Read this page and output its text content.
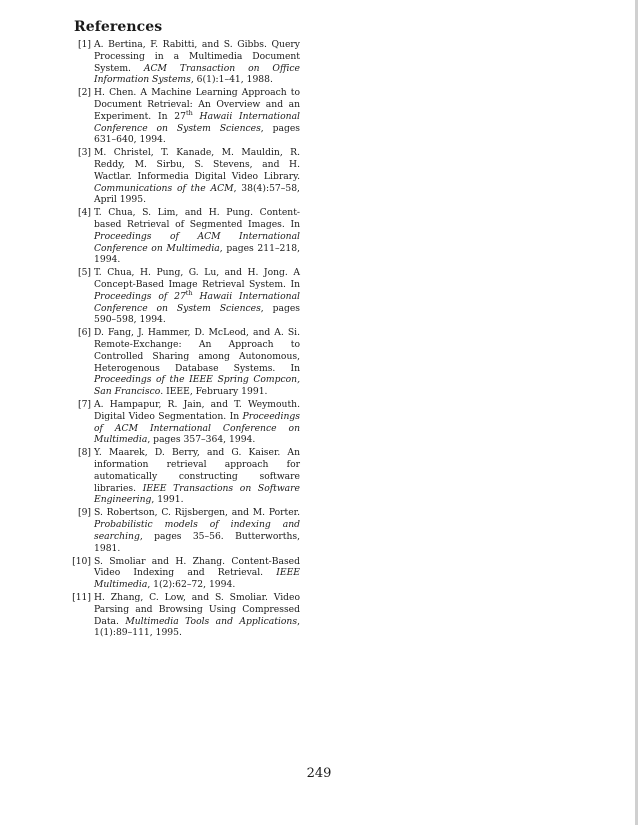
References
[1] A. Bertina, F. Rabitti, and S. Gibbs. Query Processing in a Multimedia Document System. ACM Transaction on Office Information Systems, 6(1):1–41, 1988.
[2] H. Chen. A Machine Learning Approach to Document Retrieval: An Overview and an Experiment. In 27th Hawaii International Conference on System Sciences, pages 631–640, 1994.
[3] M. Christel, T. Kanade, M. Mauldin, R. Reddy, M. Sirbu, S. Stevens, and H. Wactlar. Informedia Digital Video Library. Communications of the ACM, 38(4):57–58, April 1995.
[4] T. Chua, S. Lim, and H. Pung. Content-based Retrieval of Segmented Images. In Proceedings of ACM International Conference on Multimedia, pages 211–218, 1994.
[5] T. Chua, H. Pung, G. Lu, and H. Jong. A Concept-Based Image Retrieval System. In Proceedings of 27th Hawaii International Conference on System Sciences, pages 590–598, 1994.
[6] D. Fang, J. Hammer, D. McLeod, and A. Si. Remote-Exchange: An Approach to Controlled Sharing among Autonomous, Heterogenous Database Systems. In Proceedings of the IEEE Spring Compcon, San Francisco. IEEE, February 1991.
[7] A. Hampapur, R. Jain, and T. Weymouth. Digital Video Segmentation. In Proceedings of ACM International Conference on Multimedia, pages 357–364, 1994.
[8] Y. Maarek, D. Berry, and G. Kaiser. An information retrieval approach for automatically constructing software libraries. IEEE Transactions on Software Engineering, 1991.
[9] S. Robertson, C. Rijsbergen, and M. Porter. Probabilistic models of indexing and searching, pages 35–56. Butterworths, 1981.
[10] S. Smoliar and H. Zhang. Content-Based Video Indexing and Retrieval. IEEE Multimedia, 1(2):62–72, 1994.
[11] H. Zhang, C. Low, and S. Smoliar. Video Parsing and Browsing Using Compressed Data. Multimedia Tools and Applications, 1(1):89–111, 1995.
249
